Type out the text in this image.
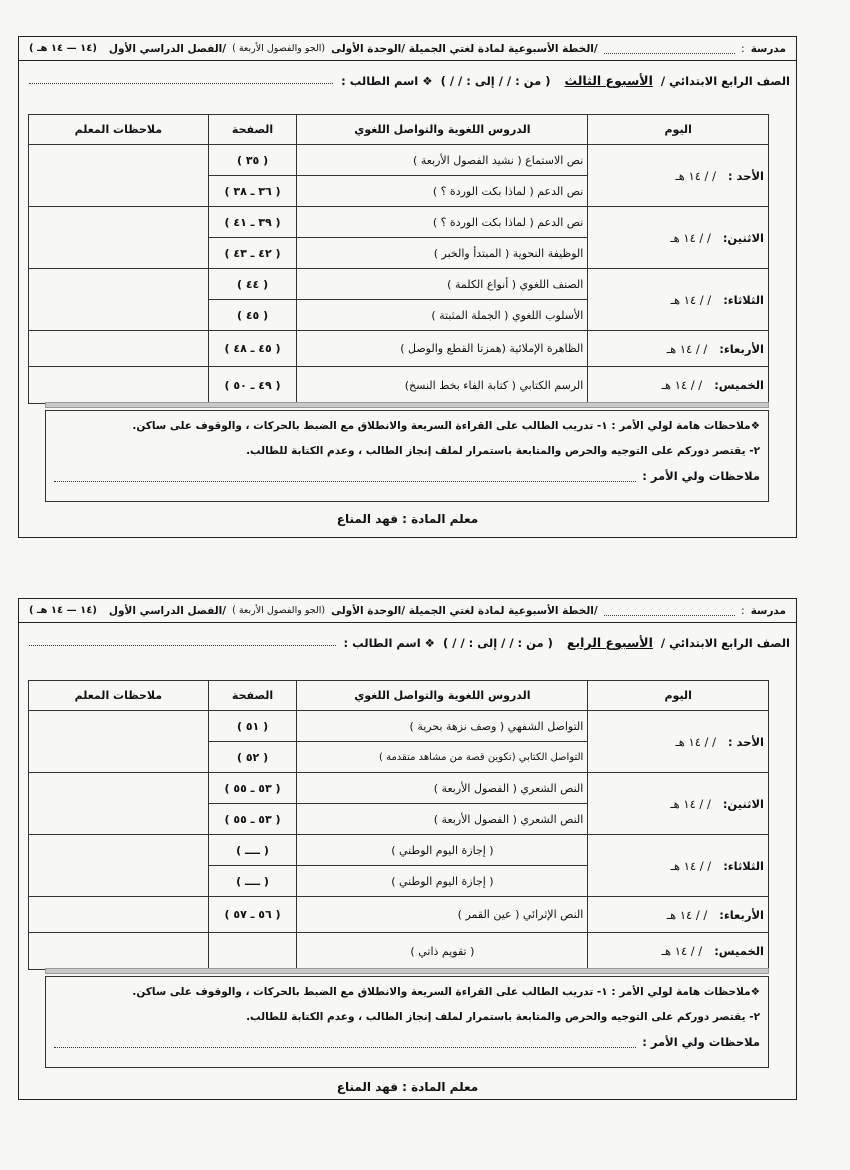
مدرسة
:
/الخطة الأسبوعية لمادة لغتي الجميلة /الوحدة الأولى
(الجو والفصول الأربعة )
/الفصل الدراسي الأول
( ١٤ — ١٤ هـ)
الصف الرابع الابتدائي /
الأسبوع الثالث
( من : / / إلى : / / )
❖ اسم الطالب :
اليوم	الدروس اللغوية والتواصل اللغوي	الصفحة	ملاحظات المعلم
الأحد :/ / ١٤ هـ	نص الاستماع ( نشيد الفصول الأربعة )	( ٣٥ )	
	نص الدعم ( لماذا بكت الوردة ؟ )	( ٣٦ ـ ٣٨ )	
الاثنين:/ / ١٤ هـ	نص الدعم ( لماذا بكت الوردة ؟ )	( ٣٩ ـ ٤١ )	
	الوظيفة النحوية ( المبتدأ والخبر )	( ٤٢ ـ ٤٣ )	
الثلاثاء:/ / ١٤ هـ	الصنف اللغوي ( أنواع الكلمة )	( ٤٤ )	
	الأسلوب اللغوي ( الجملة المثبتة )	( ٤٥ )	
الأربعاء:/ / ١٤ هـ	الظاهرة الإملائية (همزتا القطع والوصل )	( ٤٥ ـ ٤٨ )	
الخميس:/ / ١٤ هـ	الرسم الكتابي ( كتابة الفاء بخط النسخ)	( ٤٩ ـ ٥٠ )	
❖ملاحظات هامة لولي الأمر : ١- تدريب الطالب على القراءة السريعة والانطلاق مع الضبط بالحركات ، والوقوف على ساكن.
٢- يقتصر دوركم على التوجيه والحرص والمتابعة باستمرار لملف إنجاز الطالب ، وعدم الكتابة للطالب.
ملاحظات ولي الأمر :
معلم المادة : فهد المناع
مدرسة
:
/الخطة الأسبوعية لمادة لغتي الجميلة /الوحدة الأولى
(الجو والفصول الأربعة )
/الفصل الدراسي الأول
( ١٤ — ١٤ هـ)
الصف الرابع الابتدائي /
الأسبوع الرابع
( من : / / إلى : / / )
❖ اسم الطالب :
اليوم	الدروس اللغوية والتواصل اللغوي	الصفحة	ملاحظات المعلم
الأحد :/ / ١٤ هـ	التواصل الشفهي ( وصف نزهة بحرية )	( ٥١ )	
	التواصل الكتابي (تكوين قصة من مشاهد متقدمة )	( ٥٢ )	
الاثنين:/ / ١٤ هـ	النص الشعري ( الفصول الأربعة )	( ٥٣ ـ ٥٥ )	
	النص الشعري ( الفصول الأربعة )	( ٥٣ ـ ٥٥ )	
الثلاثاء:/ / ١٤ هـ	( إجازة اليوم الوطني )	( ــــ )	
	( إجازة اليوم الوطني )	( ــــ )	
الأربعاء:/ / ١٤ هـ	النص الإثرائي ( عين القمر )	( ٥٦ ـ ٥٧ )	
الخميس:/ / ١٤ هـ	( تقويم ذاتي )		
❖ملاحظات هامة لولي الأمر : ١- تدريب الطالب على القراءة السريعة والانطلاق مع الضبط بالحركات ، والوقوف على ساكن.
٢- يقتصر دوركم على التوجيه والحرص والمتابعة باستمرار لملف إنجاز الطالب ، وعدم الكتابة للطالب.
ملاحظات ولي الأمر :
معلم المادة : فهد المناع
